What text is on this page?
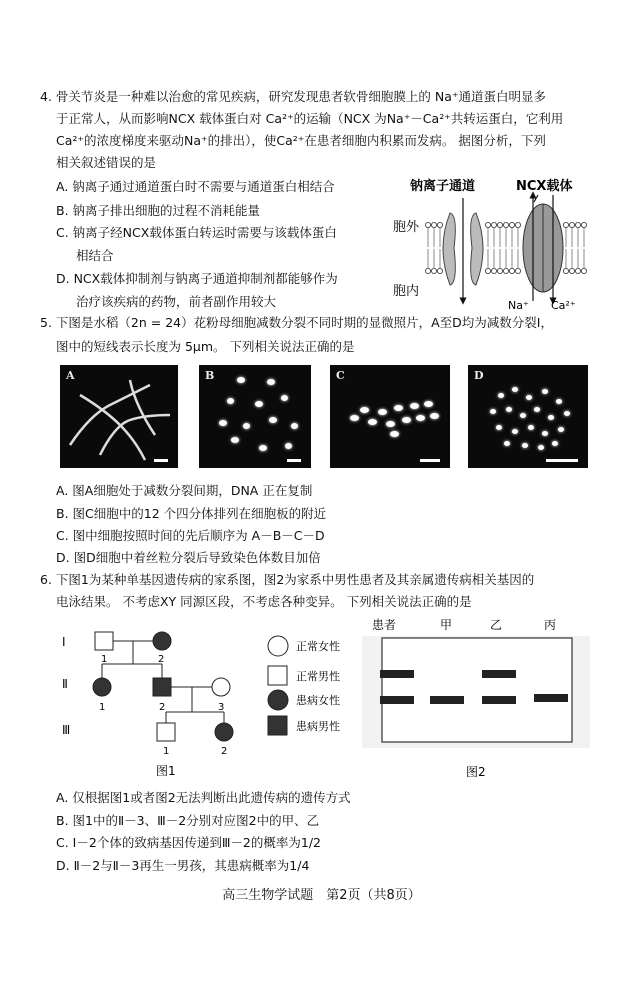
4. 骨关节炎是一种难以治愈的常见疾病，研究发现患者软骨细胞膜上的 Na⁺通道蛋白明显多
于正常人，从而影响NCX 载体蛋白对 Ca²⁺的运输（NCX 为Na⁺－Ca²⁺共转运蛋白，它利用
Ca²⁺的浓度梯度来驱动Na⁺的排出），使Ca²⁺在患者细胞内积累而发病。 据图分析，下列
相关叙述错误的是
A. 钠离子通过通道蛋白时不需要与通道蛋白相结合
B. 钠离子排出细胞的过程不消耗能量
C. 钠离子经NCX载体蛋白转运时需要与该载体蛋白
相结合
D. NCX载体抑制剂与钠离子通道抑制剂都能够作为
治疗该疾病的药物，前者副作用较大
钠离子通道	NCX载体
胞外
胞内
Na⁺ Ca²⁺
5. 下图是水稻（2n = 24）花粉母细胞减数分裂不同时期的显微照片，A至D均为减数分裂Ⅰ，
图中的短线表示长度为 5μm。 下列相关说法正确的是
A	B	C	D
A. 图A细胞处于减数分裂间期，DNA 正在复制
B. 图C细胞中的12 个四分体排列在细胞板的附近
C. 图中细胞按照时间的先后顺序为 A－B－C－D
D. 图D细胞中着丝粒分裂后导致染色体数目加倍
6. 下图1为某种单基因遗传病的家系图，图2为家系中男性患者及其亲属遗传病相关基因的
电泳结果。 不考虑XY 同源区段，不考虑各种变异。 下列相关说法正确的是
Ⅰ
Ⅱ
Ⅲ
1	2
1	2	3
1	2
正常女性
正常男性
患病女性
患病男性
图1
患者	甲	乙	丙
图2
A. 仅根据图1或者图2无法判断出此遗传病的遗传方式
B. 图1中的Ⅱ－3、Ⅲ－2分别对应图2中的甲、乙
C. Ⅰ－2个体的致病基因传递到Ⅲ－2的概率为1/2
D. Ⅱ－2与Ⅱ－3再生一男孩，其患病概率为1/4
高三生物学试题　第2页（共8页）
